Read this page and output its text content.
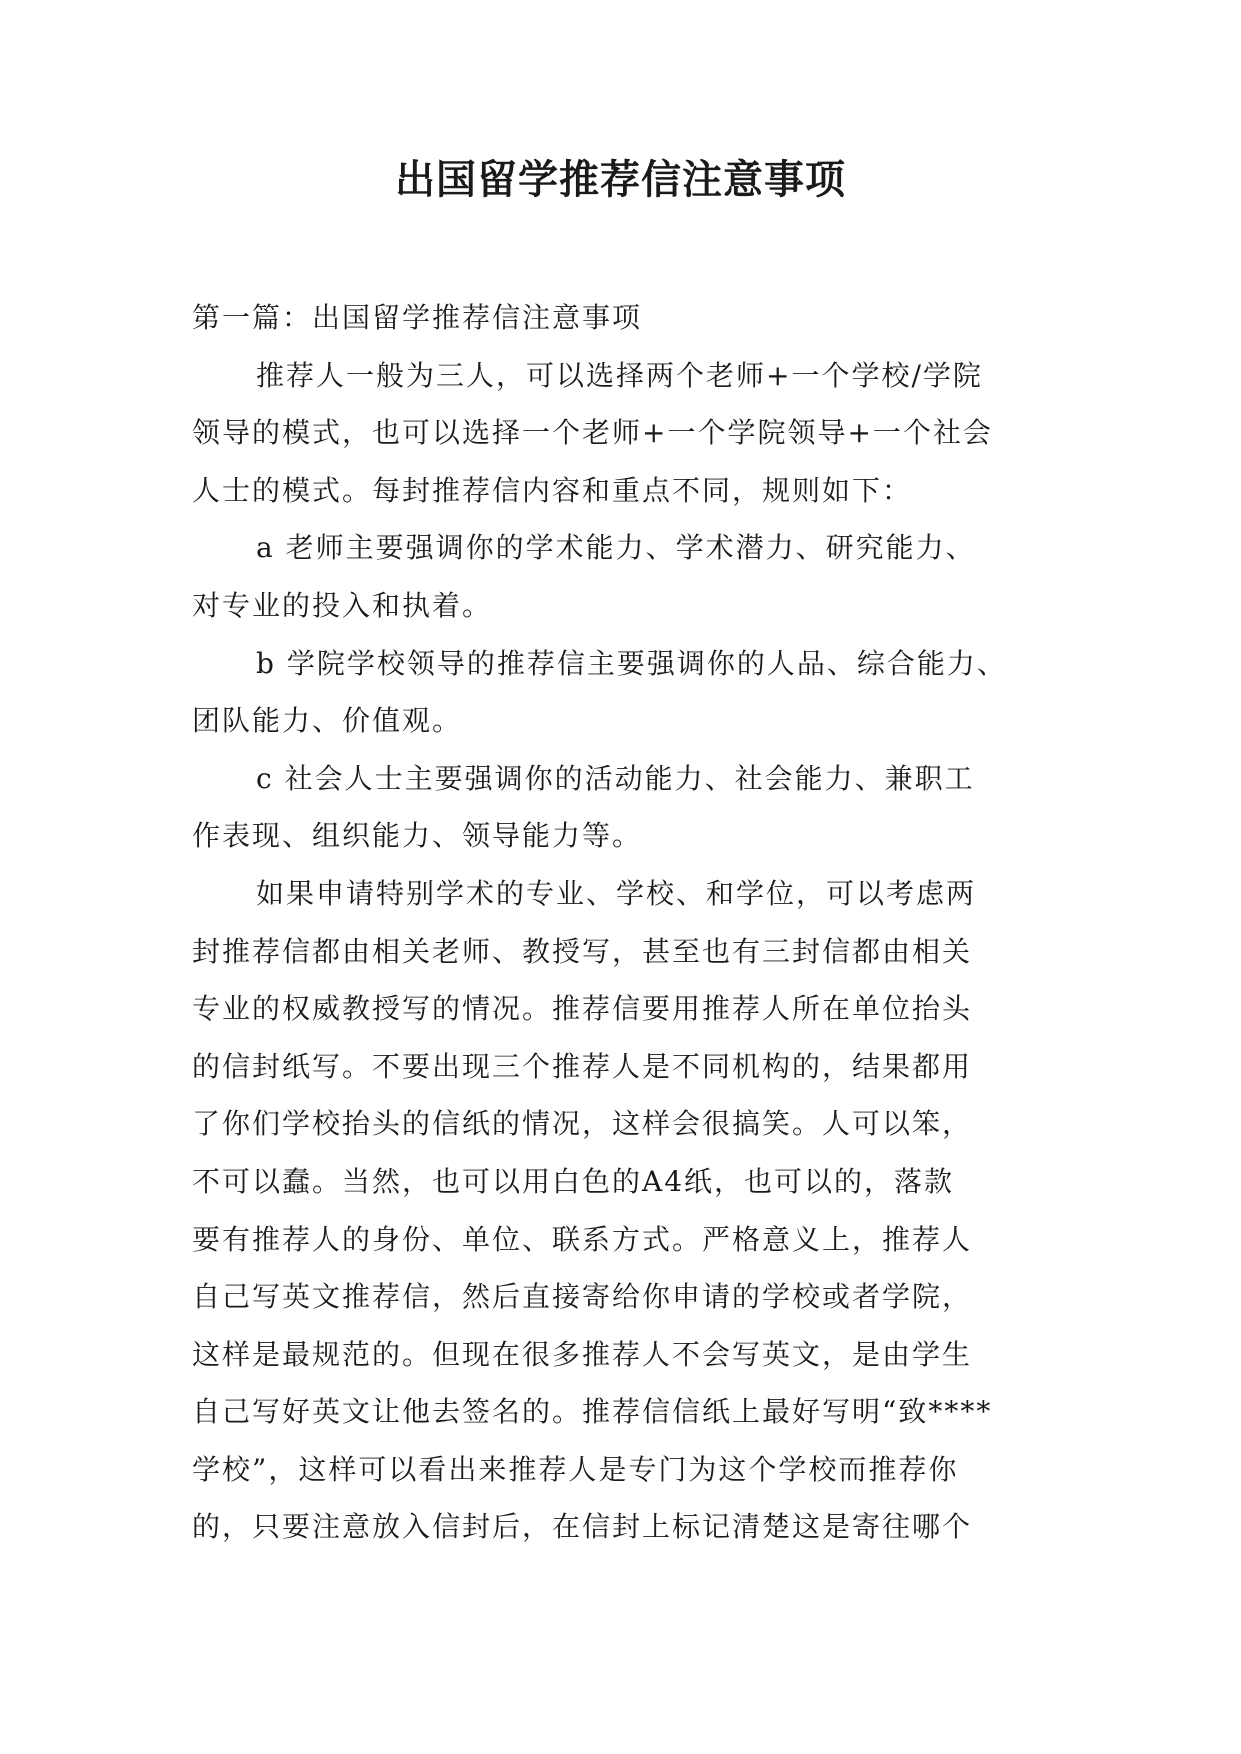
出国留学推荐信注意事项
第一篇：出国留学推荐信注意事项
推荐人一般为三人，可以选择两个老师+一个学校/学院
领导的模式，也可以选择一个老师+一个学院领导+一个社会
人士的模式。每封推荐信内容和重点不同，规则如下：
a 老师主要强调你的学术能力、学术潜力、研究能力、
对专业的投入和执着。
b 学院学校领导的推荐信主要强调你的人品、综合能力、
团队能力、价值观。
c 社会人士主要强调你的活动能力、社会能力、兼职工
作表现、组织能力、领导能力等。
如果申请特别学术的专业、学校、和学位，可以考虑两
封推荐信都由相关老师、教授写，甚至也有三封信都由相关
专业的权威教授写的情况。推荐信要用推荐人所在单位抬头
的信封纸写。不要出现三个推荐人是不同机构的，结果都用
了你们学校抬头的信纸的情况，这样会很搞笑。人可以笨，
不可以蠢。当然，也可以用白色的A4纸，也可以的，落款
要有推荐人的身份、单位、联系方式。严格意义上，推荐人
自己写英文推荐信，然后直接寄给你申请的学校或者学院，
这样是最规范的。但现在很多推荐人不会写英文，是由学生
自己写好英文让他去签名的。推荐信信纸上最好写明“致****
学校”，这样可以看出来推荐人是专门为这个学校而推荐你
的，只要注意放入信封后，在信封上标记清楚这是寄往哪个
